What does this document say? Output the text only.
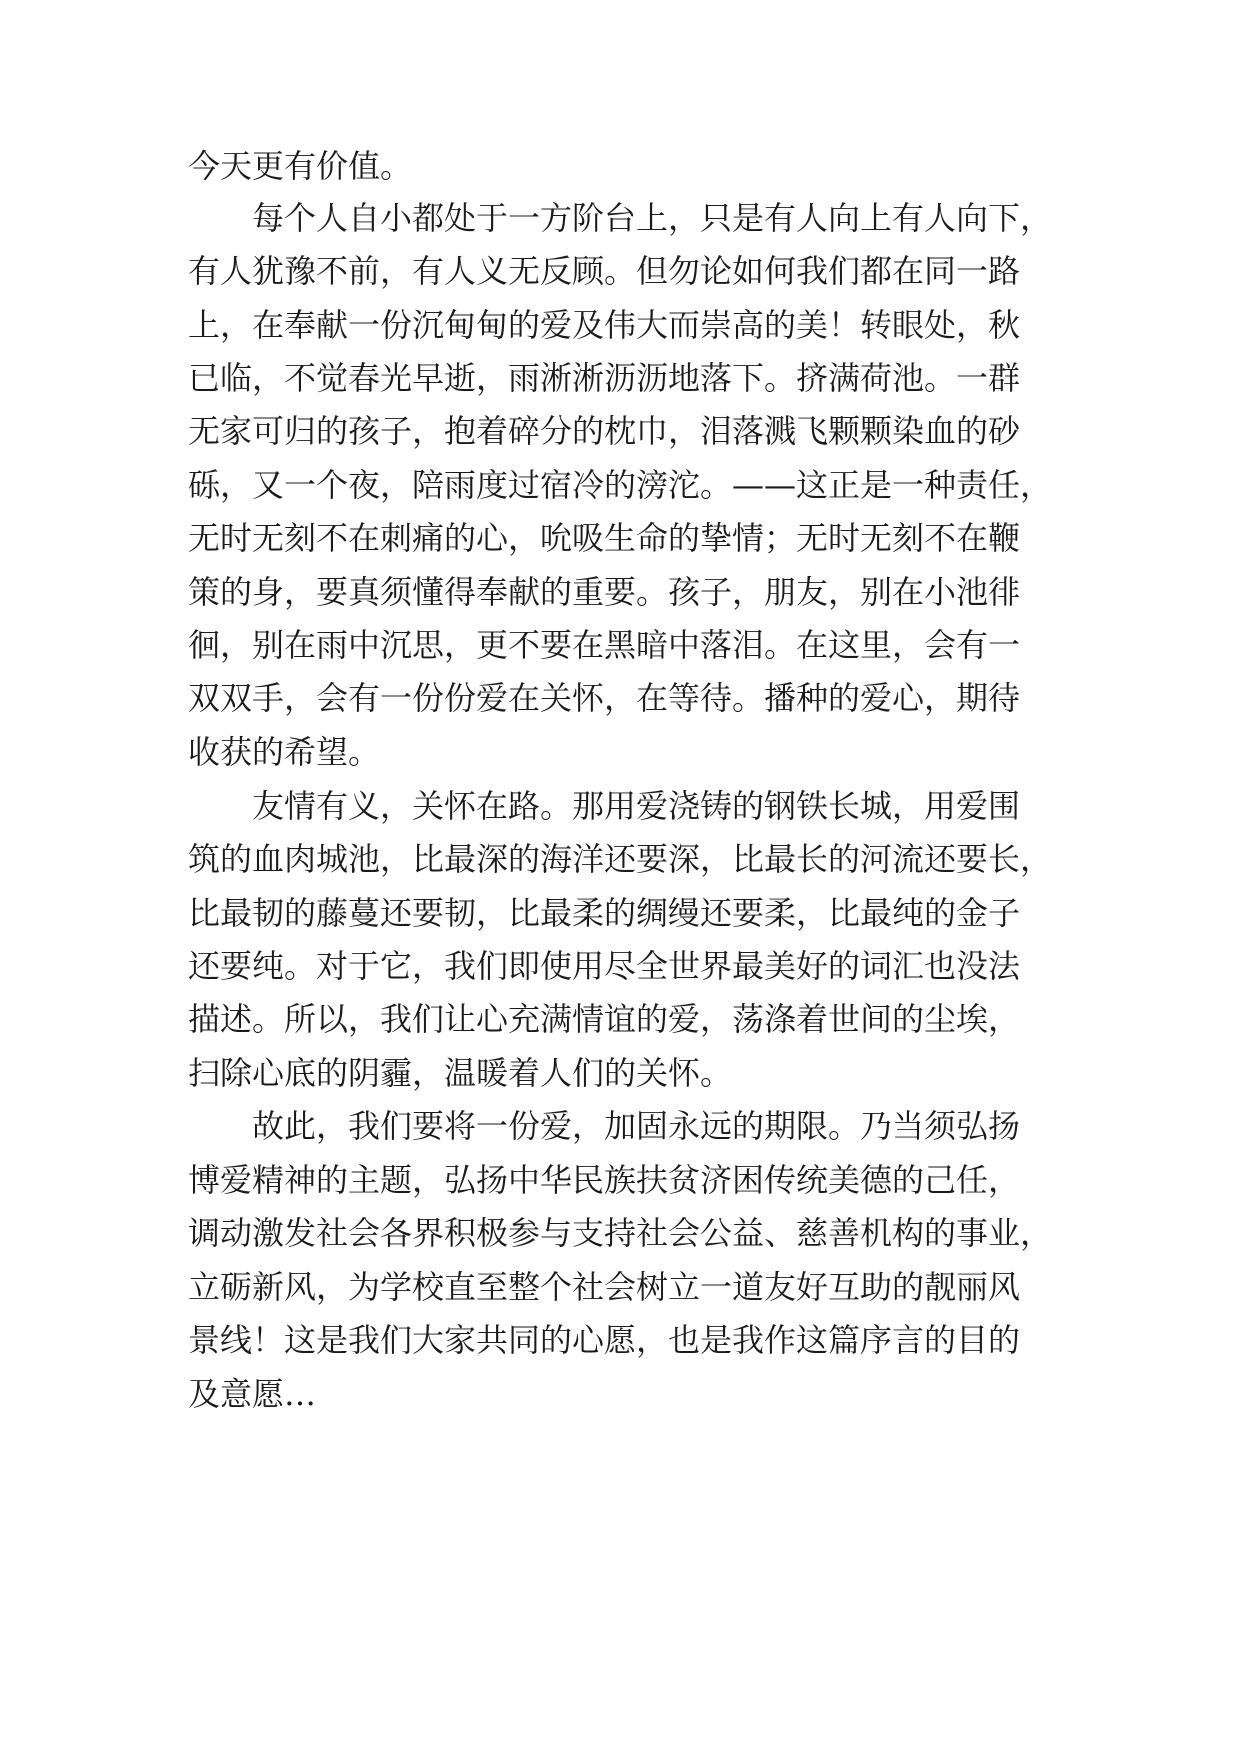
今天更有价值。
每个人自小都处于一方阶台上，只是有人向上有人向下，
有人犹豫不前，有人义无反顾。但勿论如何我们都在同一路
上，在奉献一份沉甸甸的爱及伟大而崇高的美！转眼处，秋
已临，不觉春光早逝，雨淅淅沥沥地落下。挤满荷池。一群
无家可归的孩子，抱着碎分的枕巾，泪落溅飞颗颗染血的砂
砾，又一个夜，陪雨度过宿冷的滂沱。——这正是一种责任，
无时无刻不在刺痛的心，吮吸生命的挚情；无时无刻不在鞭
策的身，要真须懂得奉献的重要。孩子，朋友，别在小池徘
徊，别在雨中沉思，更不要在黑暗中落泪。在这里，会有一
双双手，会有一份份爱在关怀，在等待。播种的爱心，期待
收获的希望。
友情有义，关怀在路。那用爱浇铸的钢铁长城，用爱围
筑的血肉城池，比最深的海洋还要深，比最长的河流还要长，
比最韧的藤蔓还要韧，比最柔的绸缦还要柔，比最纯的金子
还要纯。对于它，我们即使用尽全世界最美好的词汇也没法
描述。所以，我们让心充满情谊的爱，荡涤着世间的尘埃，
扫除心底的阴霾，温暖着人们的关怀。
故此，我们要将一份爱，加固永远的期限。乃当须弘扬
博爱精神的主题，弘扬中华民族扶贫济困传统美德的己任，
调动激发社会各界积极参与支持社会公益、慈善机构的事业，
立砺新风，为学校直至整个社会树立一道友好互助的靓丽风
景线！这是我们大家共同的心愿，也是我作这篇序言的目的
及意愿…
